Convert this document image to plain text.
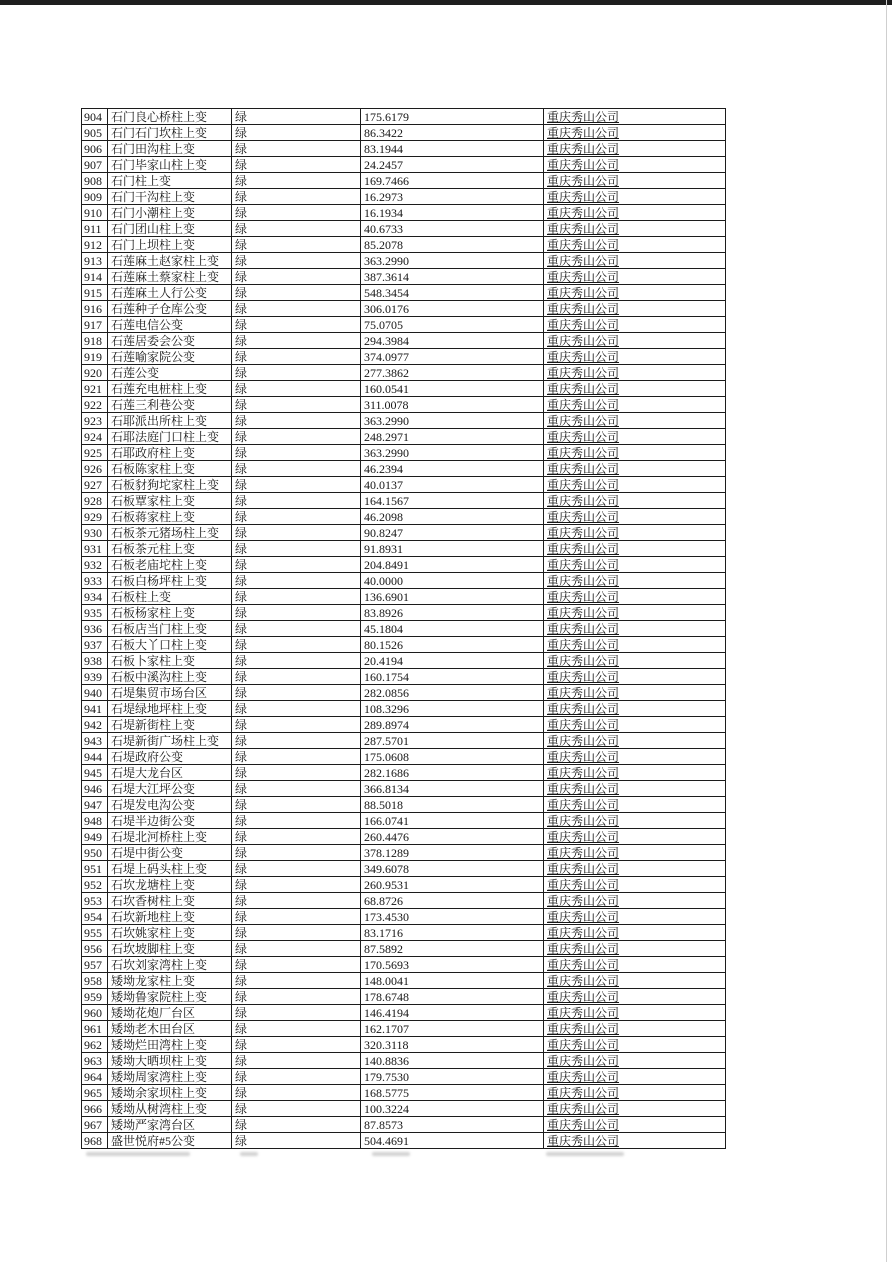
904	石门良心桥柱上变	绿	175.6179	重庆秀山公司
905	石门石门坎柱上变	绿	86.3422	重庆秀山公司
906	石门田沟柱上变	绿	83.1944	重庆秀山公司
907	石门毕家山柱上变	绿	24.2457	重庆秀山公司
908	石门柱上变	绿	169.7466	重庆秀山公司
909	石门干沟柱上变	绿	16.2973	重庆秀山公司
910	石门小潮柱上变	绿	16.1934	重庆秀山公司
911	石门团山柱上变	绿	40.6733	重庆秀山公司
912	石门上坝柱上变	绿	85.2078	重庆秀山公司
913	石莲麻土赵家柱上变	绿	363.2990	重庆秀山公司
914	石莲麻土蔡家柱上变	绿	387.3614	重庆秀山公司
915	石莲麻土人行公变	绿	548.3454	重庆秀山公司
916	石莲种子仓库公变	绿	306.0176	重庆秀山公司
917	石莲电信公变	绿	75.0705	重庆秀山公司
918	石莲居委会公变	绿	294.3984	重庆秀山公司
919	石莲喻家院公变	绿	374.0977	重庆秀山公司
920	石莲公变	绿	277.3862	重庆秀山公司
921	石莲充电桩柱上变	绿	160.0541	重庆秀山公司
922	石莲三利巷公变	绿	311.0078	重庆秀山公司
923	石耶派出所柱上变	绿	363.2990	重庆秀山公司
924	石耶法庭门口柱上变	绿	248.2971	重庆秀山公司
925	石耶政府柱上变	绿	363.2990	重庆秀山公司
926	石板陈家柱上变	绿	46.2394	重庆秀山公司
927	石板豺狗坨家柱上变	绿	40.0137	重庆秀山公司
928	石板覃家柱上变	绿	164.1567	重庆秀山公司
929	石板蒋家柱上变	绿	46.2098	重庆秀山公司
930	石板茶元猪场柱上变	绿	90.8247	重庆秀山公司
931	石板茶元柱上变	绿	91.8931	重庆秀山公司
932	石板老庙坨柱上变	绿	204.8491	重庆秀山公司
933	石板白杨坪柱上变	绿	40.0000	重庆秀山公司
934	石板柱上变	绿	136.6901	重庆秀山公司
935	石板杨家柱上变	绿	83.8926	重庆秀山公司
936	石板店当门柱上变	绿	45.1804	重庆秀山公司
937	石板大丫口柱上变	绿	80.1526	重庆秀山公司
938	石板卜家柱上变	绿	20.4194	重庆秀山公司
939	石板中溪沟柱上变	绿	160.1754	重庆秀山公司
940	石堤集贸市场台区	绿	282.0856	重庆秀山公司
941	石堤绿地坪柱上变	绿	108.3296	重庆秀山公司
942	石堤新街柱上变	绿	289.8974	重庆秀山公司
943	石堤新街广场柱上变	绿	287.5701	重庆秀山公司
944	石堤政府公变	绿	175.0608	重庆秀山公司
945	石堤大龙台区	绿	282.1686	重庆秀山公司
946	石堤大江坪公变	绿	366.8134	重庆秀山公司
947	石堤发电沟公变	绿	88.5018	重庆秀山公司
948	石堤半边街公变	绿	166.0741	重庆秀山公司
949	石堤北河桥柱上变	绿	260.4476	重庆秀山公司
950	石堤中街公变	绿	378.1289	重庆秀山公司
951	石堤上码头柱上变	绿	349.6078	重庆秀山公司
952	石坎龙塘柱上变	绿	260.9531	重庆秀山公司
953	石坎香树柱上变	绿	68.8726	重庆秀山公司
954	石坎新地柱上变	绿	173.4530	重庆秀山公司
955	石坎姚家柱上变	绿	83.1716	重庆秀山公司
956	石坎坡脚柱上变	绿	87.5892	重庆秀山公司
957	石坎刘家湾柱上变	绿	170.5693	重庆秀山公司
958	矮坳龙家柱上变	绿	148.0041	重庆秀山公司
959	矮坳鲁家院柱上变	绿	178.6748	重庆秀山公司
960	矮坳花炮厂台区	绿	146.4194	重庆秀山公司
961	矮坳老木田台区	绿	162.1707	重庆秀山公司
962	矮坳烂田湾柱上变	绿	320.3118	重庆秀山公司
963	矮坳大晒坝柱上变	绿	140.8836	重庆秀山公司
964	矮坳周家湾柱上变	绿	179.7530	重庆秀山公司
965	矮坳余家坝柱上变	绿	168.5775	重庆秀山公司
966	矮坳从树湾柱上变	绿	100.3224	重庆秀山公司
967	矮坳严家湾台区	绿	87.8573	重庆秀山公司
968	盛世悦府#5公变	绿	504.4691	重庆秀山公司
